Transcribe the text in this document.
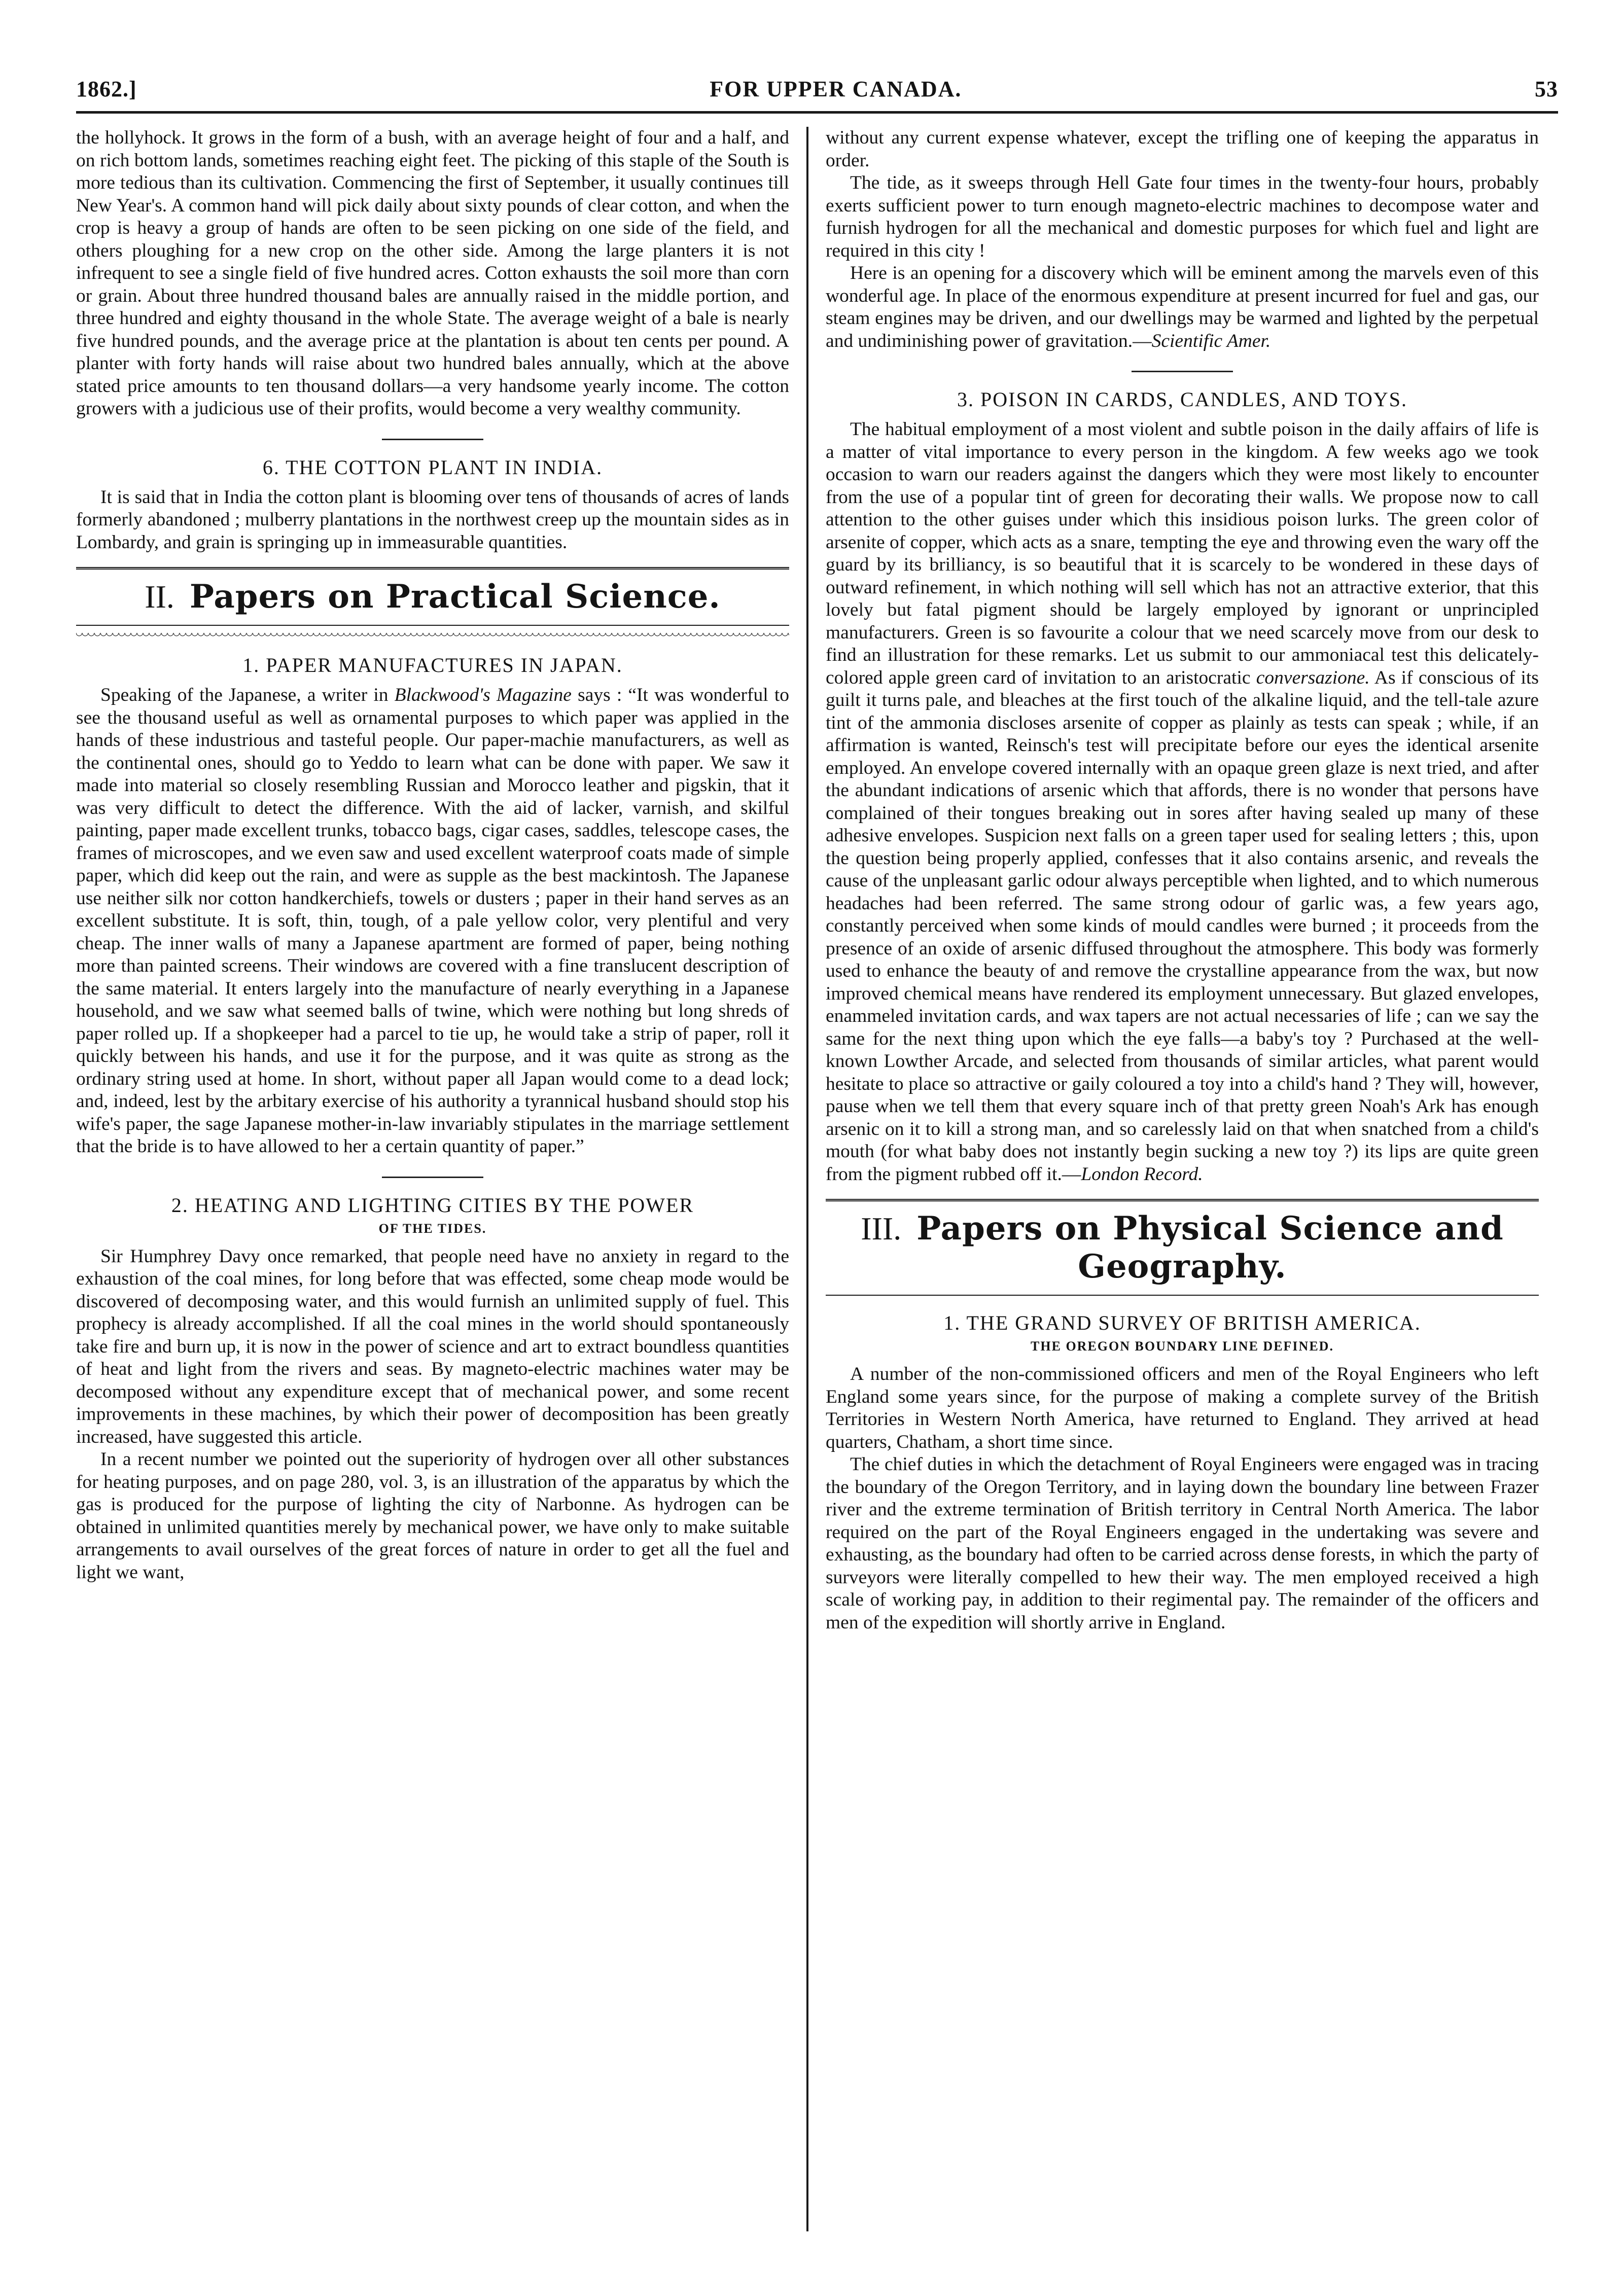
1862.]	FOR UPPER CANADA.	53

the hollyhock. It grows in the form of a bush, with an average height of four and a half, and on rich bottom lands, sometimes reaching eight feet. The picking of this staple of the South is more tedious than its cultivation. Commencing the first of September, it usually continues till New Year's. A common hand will pick daily about sixty pounds of clear cotton, and when the crop is heavy a group of hands are often to be seen picking on one side of the field, and others ploughing for a new crop on the other side. Among the large planters it is not infrequent to see a single field of five hundred acres. Cotton exhausts the soil more than corn or grain. About three hundred thousand bales are annually raised in the middle portion, and three hundred and eighty thousand in the whole State. The average weight of a bale is nearly five hundred pounds, and the average price at the plantation is about ten cents per pound. A planter with forty hands will raise about two hundred bales annually, which at the above stated price amounts to ten thousand dollars—a very handsome yearly income. The cotton growers with a judicious use of their profits, would become a very wealthy community.

6. THE COTTON PLANT IN INDIA.

It is said that in India the cotton plant is blooming over tens of thousands of acres of lands formerly abandoned ; mulberry plantations in the northwest creep up the mountain sides as in Lombardy, and grain is springing up in immeasurable quantities.

II. Papers on Practical Science.
1. PAPER MANUFACTURES IN JAPAN.

Speaking of the Japanese, a writer in Blackwood's Magazine says : “It was wonderful to see the thousand useful as well as ornamental purposes to which paper was applied in the hands of these industrious and tasteful people. Our paper-machie manufacturers, as well as the continental ones, should go to Yeddo to learn what can be done with paper. We saw it made into material so closely resembling Russian and Morocco leather and pigskin, that it was very difficult to detect the difference. With the aid of lacker, varnish, and skilful painting, paper made excellent trunks, tobacco bags, cigar cases, saddles, telescope cases, the frames of microscopes, and we even saw and used excellent waterproof coats made of simple paper, which did keep out the rain, and were as supple as the best mackintosh. The Japanese use neither silk nor cotton handkerchiefs, towels or dusters ; paper in their hand serves as an excellent substitute. It is soft, thin, tough, of a pale yellow color, very plentiful and very cheap. The inner walls of many a Japanese apartment are formed of paper, being nothing more than painted screens. Their windows are covered with a fine translucent description of the same material. It enters largely into the manufacture of nearly everything in a Japanese household, and we saw what seemed balls of twine, which were nothing but long shreds of paper rolled up. If a shopkeeper had a parcel to tie up, he would take a strip of paper, roll it quickly between his hands, and use it for the purpose, and it was quite as strong as the ordinary string used at home. In short, without paper all Japan would come to a dead lock; and, indeed, lest by the arbitary exercise of his authority a tyrannical husband should stop his wife's paper, the sage Japanese mother-in-law invariably stipulates in the marriage settlement that the bride is to have allowed to her a certain quantity of paper.”

2. HEATING AND LIGHTING CITIES BY THE POWER
OF THE TIDES.

Sir Humphrey Davy once remarked, that people need have no anxiety in regard to the exhaustion of the coal mines, for long before that was effected, some cheap mode would be discovered of decomposing water, and this would furnish an unlimited supply of fuel. This prophecy is already accomplished. If all the coal mines in the world should spontaneously take fire and burn up, it is now in the power of science and art to extract boundless quantities of heat and light from the rivers and seas. By magneto-electric machines water may be decomposed without any expenditure except that of mechanical power, and some recent improvements in these machines, by which their power of decomposition has been greatly increased, have suggested this article.

In a recent number we pointed out the superiority of hydrogen over all other substances for heating purposes, and on page 280, vol. 3, is an illustration of the apparatus by which the gas is produced for the purpose of lighting the city of Narbonne. As hydrogen can be obtained in unlimited quantities merely by mechanical power, we have only to make suitable arrangements to avail ourselves of the great forces of nature in order to get all the fuel and light we want,

without any current expense whatever, except the trifling one of keeping the apparatus in order.

The tide, as it sweeps through Hell Gate four times in the twenty-four hours, probably exerts sufficient power to turn enough magneto-electric machines to decompose water and furnish hydrogen for all the mechanical and domestic purposes for which fuel and light are required in this city !

Here is an opening for a discovery which will be eminent among the marvels even of this wonderful age. In place of the enormous expenditure at present incurred for fuel and gas, our steam engines may be driven, and our dwellings may be warmed and lighted by the perpetual and undiminishing power of gravitation.—Scientific Amer.

3. POISON IN CARDS, CANDLES, AND TOYS.

The habitual employment of a most violent and subtle poison in the daily affairs of life is a matter of vital importance to every person in the kingdom. A few weeks ago we took occasion to warn our readers against the dangers which they were most likely to encounter from the use of a popular tint of green for decorating their walls. We propose now to call attention to the other guises under which this insidious poison lurks. The green color of arsenite of copper, which acts as a snare, tempting the eye and throwing even the wary off the guard by its brilliancy, is so beautiful that it is scarcely to be wondered in these days of outward refinement, in which nothing will sell which has not an attractive exterior, that this lovely but fatal pigment should be largely employed by ignorant or unprincipled manufacturers. Green is so favourite a colour that we need scarcely move from our desk to find an illustration for these remarks. Let us submit to our ammoniacal test this delicately-colored apple green card of invitation to an aristocratic conversazione. As if conscious of its guilt it turns pale, and bleaches at the first touch of the alkaline liquid, and the tell-tale azure tint of the ammonia discloses arsenite of copper as plainly as tests can speak ; while, if an affirmation is wanted, Reinsch's test will precipitate before our eyes the identical arsenite employed. An envelope covered internally with an opaque green glaze is next tried, and after the abundant indications of arsenic which that affords, there is no wonder that persons have complained of their tongues breaking out in sores after having sealed up many of these adhesive envelopes. Suspicion next falls on a green taper used for sealing letters ; this, upon the question being properly applied, confesses that it also contains arsenic, and reveals the cause of the unpleasant garlic odour always perceptible when lighted, and to which numerous headaches had been referred. The same strong odour of garlic was, a few years ago, constantly perceived when some kinds of mould candles were burned ; it proceeds from the presence of an oxide of arsenic diffused throughout the atmosphere. This body was formerly used to enhance the beauty of and remove the crystalline appearance from the wax, but now improved chemical means have rendered its employment unnecessary. But glazed envelopes, enammeled invitation cards, and wax tapers are not actual necessaries of life ; can we say the same for the next thing upon which the eye falls—a baby's toy ? Purchased at the well-known Lowther Arcade, and selected from thousands of similar articles, what parent would hesitate to place so attractive or gaily coloured a toy into a child's hand ? They will, however, pause when we tell them that every square inch of that pretty green Noah's Ark has enough arsenic on it to kill a strong man, and so carelessly laid on that when snatched from a child's mouth (for what baby does not instantly begin sucking a new toy ?) its lips are quite green from the pigment rubbed off it.—London Record.

III. Papers on Physical Science and Geography.
1. THE GRAND SURVEY OF BRITISH AMERICA.
THE OREGON BOUNDARY LINE DEFINED.

A number of the non-commissioned officers and men of the Royal Engineers who left England some years since, for the purpose of making a complete survey of the British Territories in Western North America, have returned to England. They arrived at head quarters, Chatham, a short time since.

The chief duties in which the detachment of Royal Engineers were engaged was in tracing the boundary of the Oregon Territory, and in laying down the boundary line between Frazer river and the extreme termination of British territory in Central North America. The labor required on the part of the Royal Engineers engaged in the undertaking was severe and exhausting, as the boundary had often to be carried across dense forests, in which the party of surveyors were literally compelled to hew their way. The men employed received a high scale of working pay, in addition to their regimental pay. The remainder of the officers and men of the expedition will shortly arrive in England.
